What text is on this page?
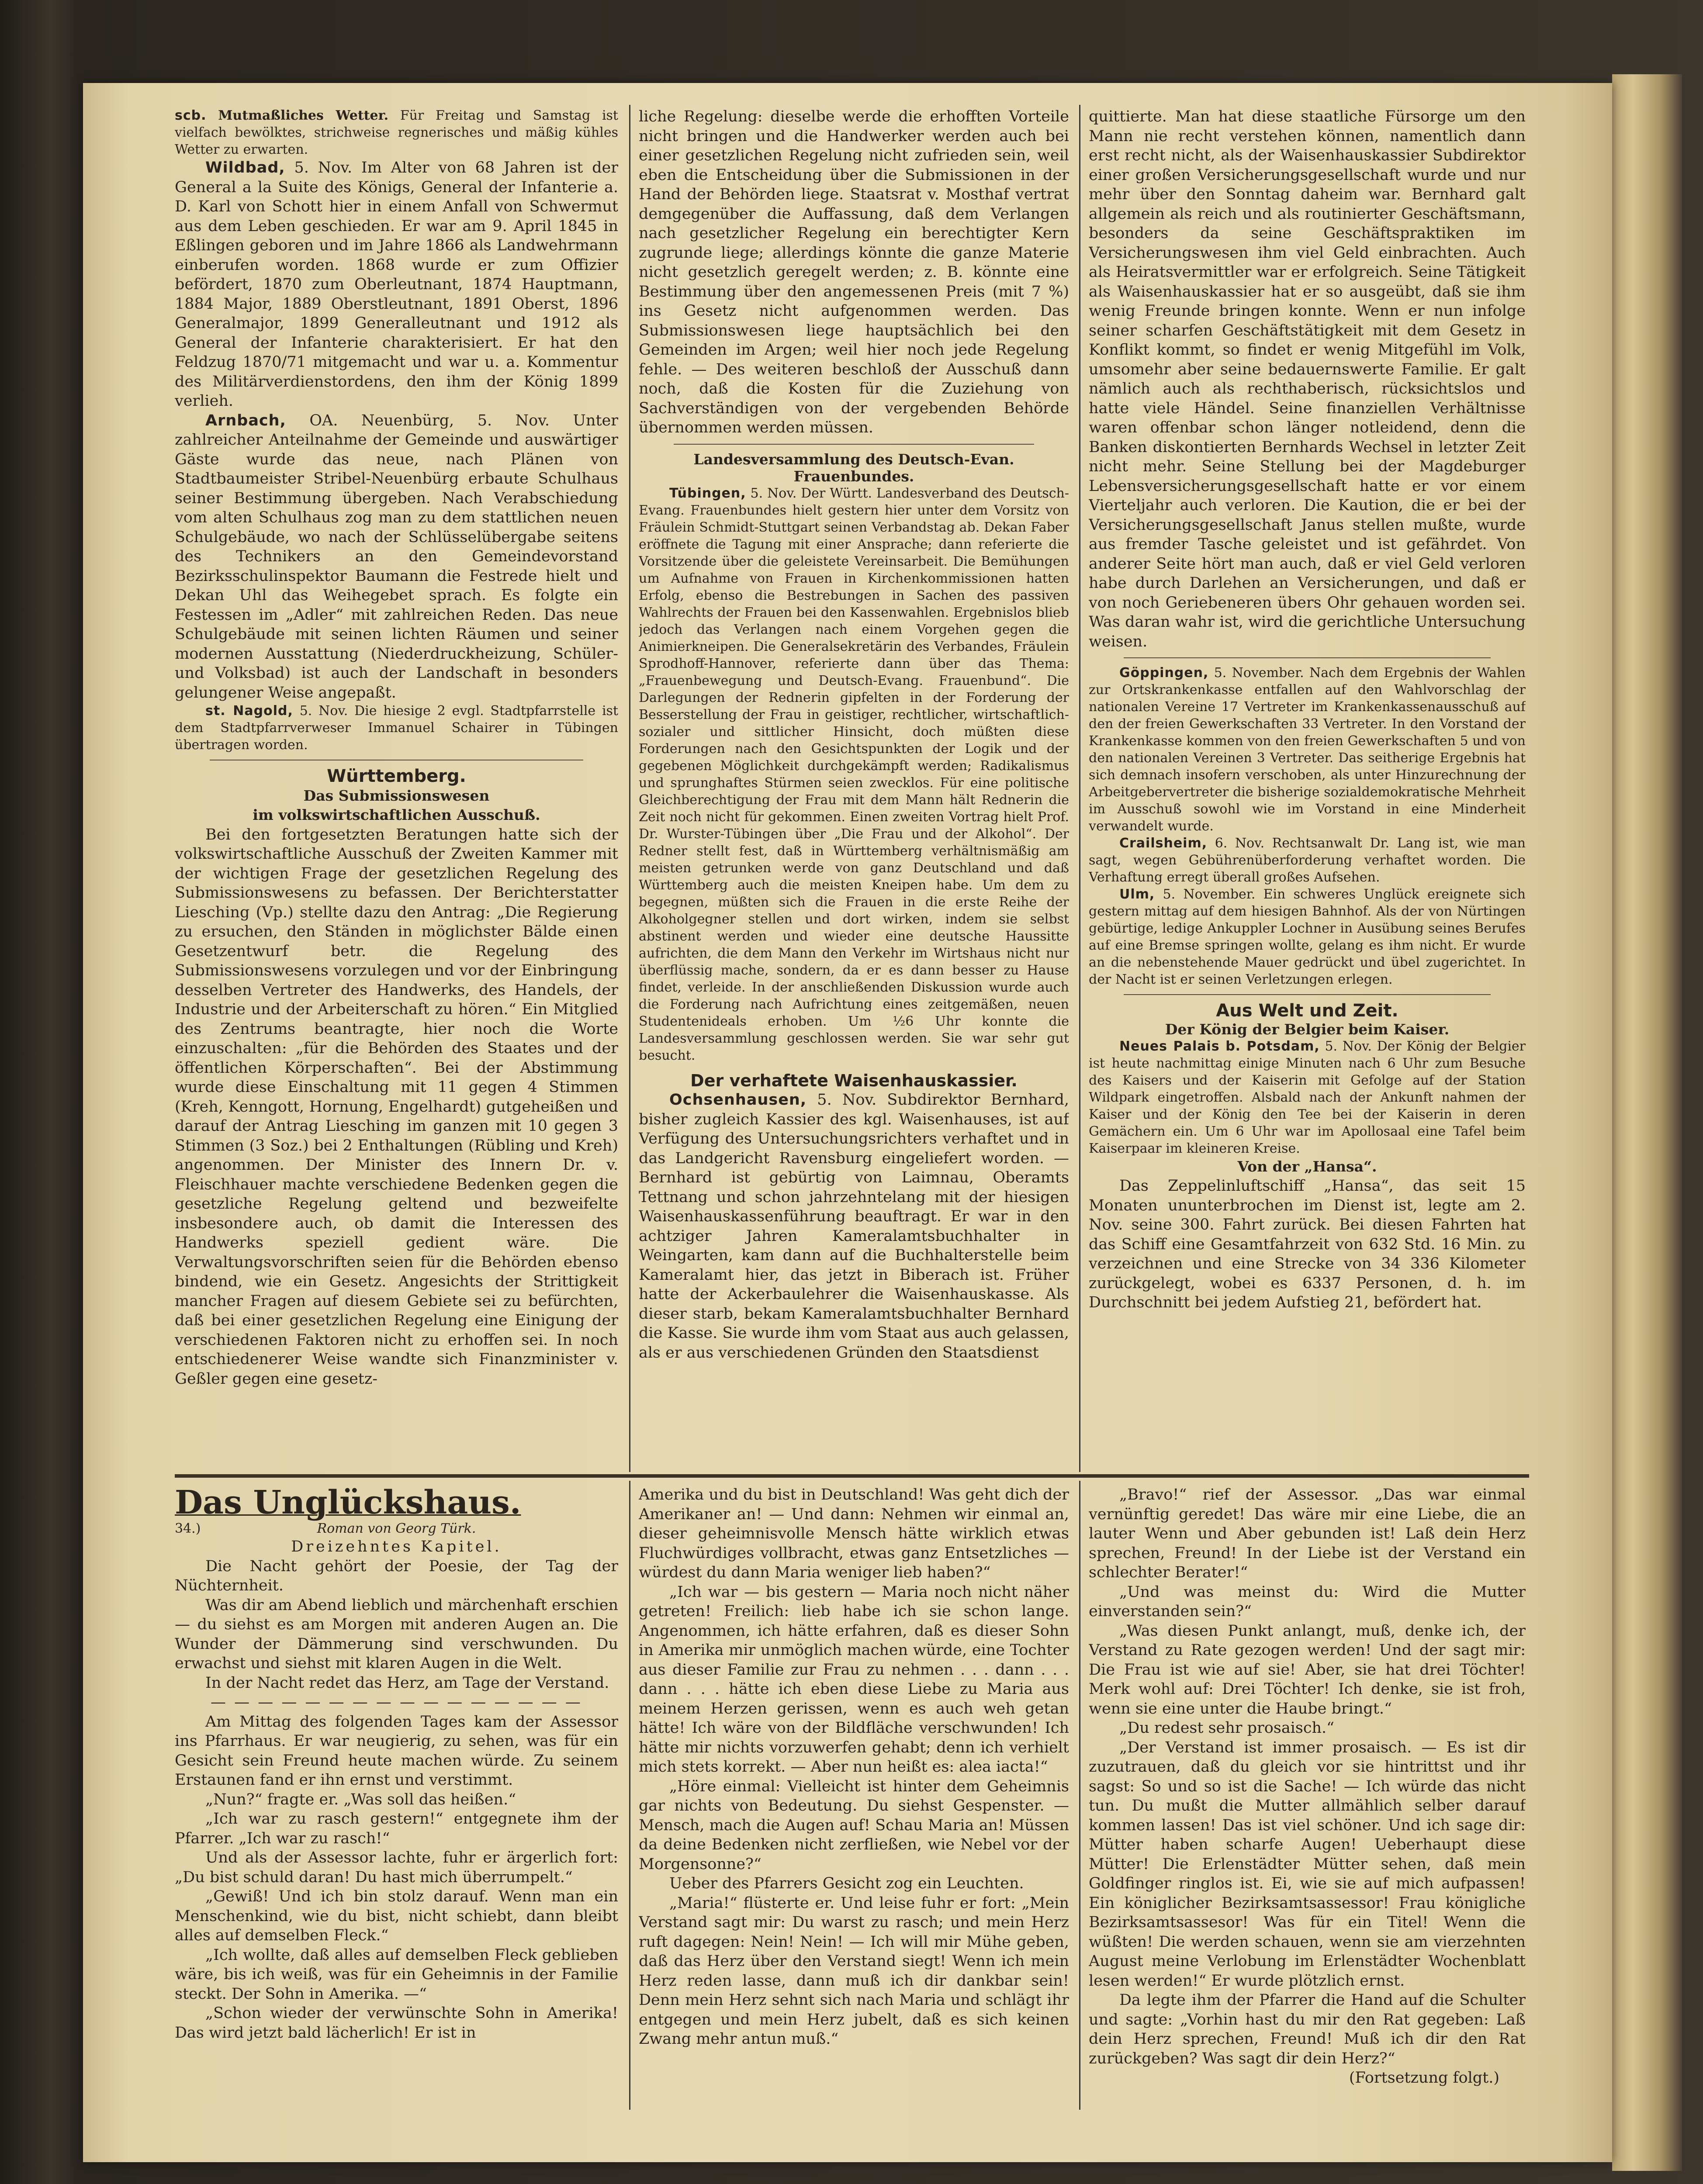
scb. Mutmaßliches Wetter. Für Freitag und Samstag ist vielfach bewölktes, strichweise regnerisches und mäßig kühles Wetter zu erwarten.

Wildbad, 5. Nov. Im Alter von 68 Jahren ist der General a la Suite des Königs, General der Infanterie a. D. Karl von Schott hier in einem Anfall von Schwermut aus dem Leben geschieden. Er war am 9. April 1845 in Eßlingen geboren und im Jahre 1866 als Landwehrmann einberufen worden. 1868 wurde er zum Offizier befördert, 1870 zum Oberleutnant, 1874 Hauptmann, 1884 Major, 1889 Oberstleutnant, 1891 Oberst, 1896 Generalmajor, 1899 Generalleutnant und 1912 als General der Infanterie charakterisiert. Er hat den Feldzug 1870/71 mitgemacht und war u. a. Kommentur des Militärverdienstordens, den ihm der König 1899 verlieh.

Arnbach, OA. Neuenbürg, 5. Nov. Unter zahlreicher Anteilnahme der Gemeinde und auswärtiger Gäste wurde das neue, nach Plänen von Stadtbaumeister Stribel-Neuenbürg erbaute Schulhaus seiner Bestimmung übergeben. Nach Verabschiedung vom alten Schulhaus zog man zu dem stattlichen neuen Schulgebäude, wo nach der Schlüsselübergabe seitens des Technikers an den Gemeindevorstand Bezirksschulinspektor Baumann die Festrede hielt und Dekan Uhl das Weihegebet sprach. Es folgte ein Festessen im „Adler“ mit zahlreichen Reden. Das neue Schulgebäude mit seinen lichten Räumen und seiner modernen Ausstattung (Niederdruckheizung, Schüler- und Volksbad) ist auch der Landschaft in besonders gelungener Weise angepaßt.

st. Nagold, 5. Nov. Die hiesige 2 evgl. Stadtpfarrstelle ist dem Stadtpfarrverweser Immanuel Schairer in Tübingen übertragen worden.

Württemberg.

Das Submissionswesen

im volkswirtschaftlichen Ausschuß.

Bei den fortgesetzten Beratungen hatte sich der volkswirtschaftliche Ausschuß der Zweiten Kammer mit der wichtigen Frage der gesetzlichen Regelung des Submissionswesens zu befassen. Der Berichterstatter Liesching (Vp.) stellte dazu den Antrag: „Die Regierung zu ersuchen, den Ständen in möglichster Bälde einen Gesetzentwurf betr. die Regelung des Submissionswesens vorzulegen und vor der Einbringung desselben Vertreter des Handwerks, des Handels, der Industrie und der Arbeiterschaft zu hören.“ Ein Mitglied des Zentrums beantragte, hier noch die Worte einzuschalten: „für die Behörden des Staates und der öffentlichen Körperschaften“. Bei der Abstimmung wurde diese Einschaltung mit 11 gegen 4 Stimmen (Kreh, Kenngott, Hornung, Engelhardt) gutgeheißen und darauf der Antrag Liesching im ganzen mit 10 gegen 3 Stimmen (3 Soz.) bei 2 Enthaltungen (Rübling und Kreh) angenommen. Der Minister des Innern Dr. v. Fleischhauer machte verschiedene Bedenken gegen die gesetzliche Regelung geltend und bezweifelte insbesondere auch, ob damit die Interessen des Handwerks speziell gedient wäre. Die Verwaltungsvorschriften seien für die Behörden ebenso bindend, wie ein Gesetz. Angesichts der Strittigkeit mancher Fragen auf diesem Gebiete sei zu befürchten, daß bei einer gesetzlichen Regelung eine Einigung der verschiedenen Faktoren nicht zu erhoffen sei. In noch entschiedenerer Weise wandte sich Finanzminister v. Geßler gegen eine gesetz-

liche Regelung: dieselbe werde die erhofften Vorteile nicht bringen und die Handwerker werden auch bei einer gesetzlichen Regelung nicht zufrieden sein, weil eben die Entscheidung über die Submissionen in der Hand der Behörden liege. Staatsrat v. Mosthaf vertrat demgegenüber die Auffassung, daß dem Verlangen nach gesetzlicher Regelung ein berechtigter Kern zugrunde liege; allerdings könnte die ganze Materie nicht gesetzlich geregelt werden; z. B. könnte eine Bestimmung über den angemessenen Preis (mit 7 %) ins Gesetz nicht aufgenommen werden. Das Submissionswesen liege hauptsächlich bei den Gemeinden im Argen; weil hier noch jede Regelung fehle. — Des weiteren beschloß der Ausschuß dann noch, daß die Kosten für die Zuziehung von Sachverständigen von der vergebenden Behörde übernommen werden müssen.

Landesversammlung des Deutsch-Evan. Frauenbundes.

Tübingen, 5. Nov. Der Württ. Landesverband des Deutsch-Evang. Frauenbundes hielt gestern hier unter dem Vorsitz von Fräulein Schmidt-Stuttgart seinen Verbandstag ab. Dekan Faber eröffnete die Tagung mit einer Ansprache; dann referierte die Vorsitzende über die geleistete Vereinsarbeit. Die Bemühungen um Aufnahme von Frauen in Kirchenkommissionen hatten Erfolg, ebenso die Bestrebungen in Sachen des passiven Wahlrechts der Frauen bei den Kassenwahlen. Ergebnislos blieb jedoch das Verlangen nach einem Vorgehen gegen die Animierkneipen. Die Generalsekretärin des Verbandes, Fräulein Sprodhoff-Hannover, referierte dann über das Thema: „Frauenbewegung und Deutsch-Evang. Frauenbund“. Die Darlegungen der Rednerin gipfelten in der Forderung der Besserstellung der Frau in geistiger, rechtlicher, wirtschaftlich-sozialer und sittlicher Hinsicht, doch müßten diese Forderungen nach den Gesichtspunkten der Logik und der gegebenen Möglichkeit durchgekämpft werden; Radikalismus und sprunghaftes Stürmen seien zwecklos. Für eine politische Gleichberechtigung der Frau mit dem Mann hält Rednerin die Zeit noch nicht für gekommen. Einen zweiten Vortrag hielt Prof. Dr. Wurster-Tübingen über „Die Frau und der Alkohol“. Der Redner stellt fest, daß in Württemberg verhältnismäßig am meisten getrunken werde von ganz Deutschland und daß Württemberg auch die meisten Kneipen habe. Um dem zu begegnen, müßten sich die Frauen in die erste Reihe der Alkoholgegner stellen und dort wirken, indem sie selbst abstinent werden und wieder eine deutsche Haussitte aufrichten, die dem Mann den Verkehr im Wirtshaus nicht nur überflüssig mache, sondern, da er es dann besser zu Hause findet, verleide. In der anschließenden Diskussion wurde auch die Forderung nach Aufrichtung eines zeitgemäßen, neuen Studentenideals erhoben. Um ½6 Uhr konnte die Landesversammlung geschlossen werden. Sie war sehr gut besucht.

Der verhaftete Waisenhauskassier.

Ochsenhausen, 5. Nov. Subdirektor Bernhard, bisher zugleich Kassier des kgl. Waisenhauses, ist auf Verfügung des Untersuchungsrichters verhaftet und in das Landgericht Ravensburg eingeliefert worden. — Bernhard ist gebürtig von Laimnau, Oberamts Tettnang und schon jahrzehntelang mit der hiesigen Waisenhauskassenführung beauftragt. Er war in den achtziger Jahren Kameralamtsbuchhalter in Weingarten, kam dann auf die Buchhalterstelle beim Kameralamt hier, das jetzt in Biberach ist. Früher hatte der Ackerbaulehrer die Waisenhauskasse. Als dieser starb, bekam Kameralamtsbuchhalter Bernhard die Kasse. Sie wurde ihm vom Staat aus auch gelassen, als er aus verschiedenen Gründen den Staatsdienst

quittierte. Man hat diese staatliche Fürsorge um den Mann nie recht verstehen können, namentlich dann erst recht nicht, als der Waisenhauskassier Subdirektor einer großen Versicherungsgesellschaft wurde und nur mehr über den Sonntag daheim war. Bernhard galt allgemein als reich und als routinierter Geschäftsmann, besonders da seine Geschäftspraktiken im Versicherungswesen ihm viel Geld einbrachten. Auch als Heiratsvermittler war er erfolgreich. Seine Tätigkeit als Waisenhauskassier hat er so ausgeübt, daß sie ihm wenig Freunde bringen konnte. Wenn er nun infolge seiner scharfen Geschäftstätigkeit mit dem Gesetz in Konflikt kommt, so findet er wenig Mitgefühl im Volk, umsomehr aber seine bedauernswerte Familie. Er galt nämlich auch als rechthaberisch, rücksichtslos und hatte viele Händel. Seine finanziellen Verhältnisse waren offenbar schon länger notleidend, denn die Banken diskontierten Bernhards Wechsel in letzter Zeit nicht mehr. Seine Stellung bei der Magdeburger Lebensversicherungsgesellschaft hatte er vor einem Vierteljahr auch verloren. Die Kaution, die er bei der Versicherungsgesellschaft Janus stellen mußte, wurde aus fremder Tasche geleistet und ist gefährdet. Von anderer Seite hört man auch, daß er viel Geld verloren habe durch Darlehen an Versicherungen, und daß er von noch Geriebeneren übers Ohr gehauen worden sei. Was daran wahr ist, wird die gerichtliche Untersuchung weisen.

Göppingen, 5. November. Nach dem Ergebnis der Wahlen zur Ortskrankenkasse entfallen auf den Wahlvorschlag der nationalen Vereine 17 Vertreter im Krankenkassenausschuß auf den der freien Gewerkschaften 33 Vertreter. In den Vorstand der Krankenkasse kommen von den freien Gewerkschaften 5 und von den nationalen Vereinen 3 Vertreter. Das seitherige Ergebnis hat sich demnach insofern verschoben, als unter Hinzurechnung der Arbeitgebervertreter die bisherige sozialdemokratische Mehrheit im Ausschuß sowohl wie im Vorstand in eine Minderheit verwandelt wurde.

Crailsheim, 6. Nov. Rechtsanwalt Dr. Lang ist, wie man sagt, wegen Gebührenüberforderung verhaftet worden. Die Verhaftung erregt überall großes Aufsehen.

Ulm, 5. November. Ein schweres Unglück ereignete sich gestern mittag auf dem hiesigen Bahnhof. Als der von Nürtingen gebürtige, ledige Ankuppler Lochner in Ausübung seines Berufes auf eine Bremse springen wollte, gelang es ihm nicht. Er wurde an die nebenstehende Mauer gedrückt und übel zugerichtet. In der Nacht ist er seinen Verletzungen erlegen.

Aus Welt und Zeit.

Der König der Belgier beim Kaiser.

Neues Palais b. Potsdam, 5. Nov. Der König der Belgier ist heute nachmittag einige Minuten nach 6 Uhr zum Besuche des Kaisers und der Kaiserin mit Gefolge auf der Station Wildpark eingetroffen. Alsbald nach der Ankunft nahmen der Kaiser und der König den Tee bei der Kaiserin in deren Gemächern ein. Um 6 Uhr war im Apollosaal eine Tafel beim Kaiserpaar im kleineren Kreise.

Von der „Hansa“.

Das Zeppelinluftschiff „Hansa“, das seit 15 Monaten ununterbrochen im Dienst ist, legte am 2. Nov. seine 300. Fahrt zurück. Bei diesen Fahrten hat das Schiff eine Gesamtfahrzeit von 632 Std. 16 Min. zu verzeichnen und eine Strecke von 34 336 Kilometer zurückgelegt, wobei es 6337 Personen, d. h. im Durchschnitt bei jedem Aufstieg 21, befördert hat.

Das Unglückshaus.

34.)	Roman von Georg Türk.

Dreizehntes Kapitel.

Die Nacht gehört der Poesie, der Tag der Nüchternheit.

Was dir am Abend lieblich und märchenhaft erschien — du siehst es am Morgen mit anderen Augen an. Die Wunder der Dämmerung sind verschwunden. Du erwachst und siehst mit klaren Augen in die Welt.

In der Nacht redet das Herz, am Tage der Verstand.

— — — — — — — — — — — — — — — —

Am Mittag des folgenden Tages kam der Assessor ins Pfarrhaus. Er war neugierig, zu sehen, was für ein Gesicht sein Freund heute machen würde. Zu seinem Erstaunen fand er ihn ernst und verstimmt.

„Nun?“ fragte er. „Was soll das heißen.“

„Ich war zu rasch gestern!“ entgegnete ihm der Pfarrer. „Ich war zu rasch!“

Und als der Assessor lachte, fuhr er ärgerlich fort: „Du bist schuld daran! Du hast mich überrumpelt.“

„Gewiß! Und ich bin stolz darauf. Wenn man ein Menschenkind, wie du bist, nicht schiebt, dann bleibt alles auf demselben Fleck.“

„Ich wollte, daß alles auf demselben Fleck geblieben wäre, bis ich weiß, was für ein Geheimnis in der Familie steckt. Der Sohn in Amerika. —“

„Schon wieder der verwünschte Sohn in Amerika! Das wird jetzt bald lächerlich! Er ist in

Amerika und du bist in Deutschland! Was geht dich der Amerikaner an! — Und dann: Nehmen wir einmal an, dieser geheimnisvolle Mensch hätte wirklich etwas Fluchwürdiges vollbracht, etwas ganz Entsetzliches — würdest du dann Maria weniger lieb haben?“

„Ich war — bis gestern — Maria noch nicht näher getreten! Freilich: lieb habe ich sie schon lange. Angenommen, ich hätte erfahren, daß es dieser Sohn in Amerika mir unmöglich machen würde, eine Tochter aus dieser Familie zur Frau zu nehmen . . . dann . . . dann . . . hätte ich eben diese Liebe zu Maria aus meinem Herzen gerissen, wenn es auch weh getan hätte! Ich wäre von der Bildfläche verschwunden! Ich hätte mir nichts vorzuwerfen gehabt; denn ich verhielt mich stets korrekt. — Aber nun heißt es: alea iacta!“

„Höre einmal: Vielleicht ist hinter dem Geheimnis gar nichts von Bedeutung. Du siehst Gespenster. — Mensch, mach die Augen auf! Schau Maria an! Müssen da deine Bedenken nicht zerfließen, wie Nebel vor der Morgensonne?“

Ueber des Pfarrers Gesicht zog ein Leuchten.

„Maria!“ flüsterte er. Und leise fuhr er fort: „Mein Verstand sagt mir: Du warst zu rasch; und mein Herz ruft dagegen: Nein! Nein! — Ich will mir Mühe geben, daß das Herz über den Verstand siegt! Wenn ich mein Herz reden lasse, dann muß ich dir dankbar sein! Denn mein Herz sehnt sich nach Maria und schlägt ihr entgegen und mein Herz jubelt, daß es sich keinen Zwang mehr antun muß.“

„Bravo!“ rief der Assessor. „Das war einmal vernünftig geredet! Das wäre mir eine Liebe, die an lauter Wenn und Aber gebunden ist! Laß dein Herz sprechen, Freund! In der Liebe ist der Verstand ein schlechter Berater!“

„Und was meinst du: Wird die Mutter einverstanden sein?“

„Was diesen Punkt anlangt, muß, denke ich, der Verstand zu Rate gezogen werden! Und der sagt mir: Die Frau ist wie auf sie! Aber, sie hat drei Töchter! Merk wohl auf: Drei Töchter! Ich denke, sie ist froh, wenn sie eine unter die Haube bringt.“

„Du redest sehr prosaisch.“

„Der Verstand ist immer prosaisch. — Es ist dir zuzutrauen, daß du gleich vor sie hintrittst und ihr sagst: So und so ist die Sache! — Ich würde das nicht tun. Du mußt die Mutter allmählich selber darauf kommen lassen! Das ist viel schöner. Und ich sage dir: Mütter haben scharfe Augen! Ueberhaupt diese Mütter! Die Erlenstädter Mütter sehen, daß mein Goldfinger ringlos ist. Ei, wie sie auf mich aufpassen! Ein königlicher Bezirksamtsassessor! Frau königliche Bezirksamtsassesor! Was für ein Titel! Wenn die wüßten! Die werden schauen, wenn sie am vierzehnten August meine Verlobung im Erlenstädter Wochenblatt lesen werden!“ Er wurde plötzlich ernst.

Da legte ihm der Pfarrer die Hand auf die Schulter und sagte: „Vorhin hast du mir den Rat gegeben: Laß dein Herz sprechen, Freund! Muß ich dir den Rat zurückgeben? Was sagt dir dein Herz?“

(Fortsetzung folgt.)
